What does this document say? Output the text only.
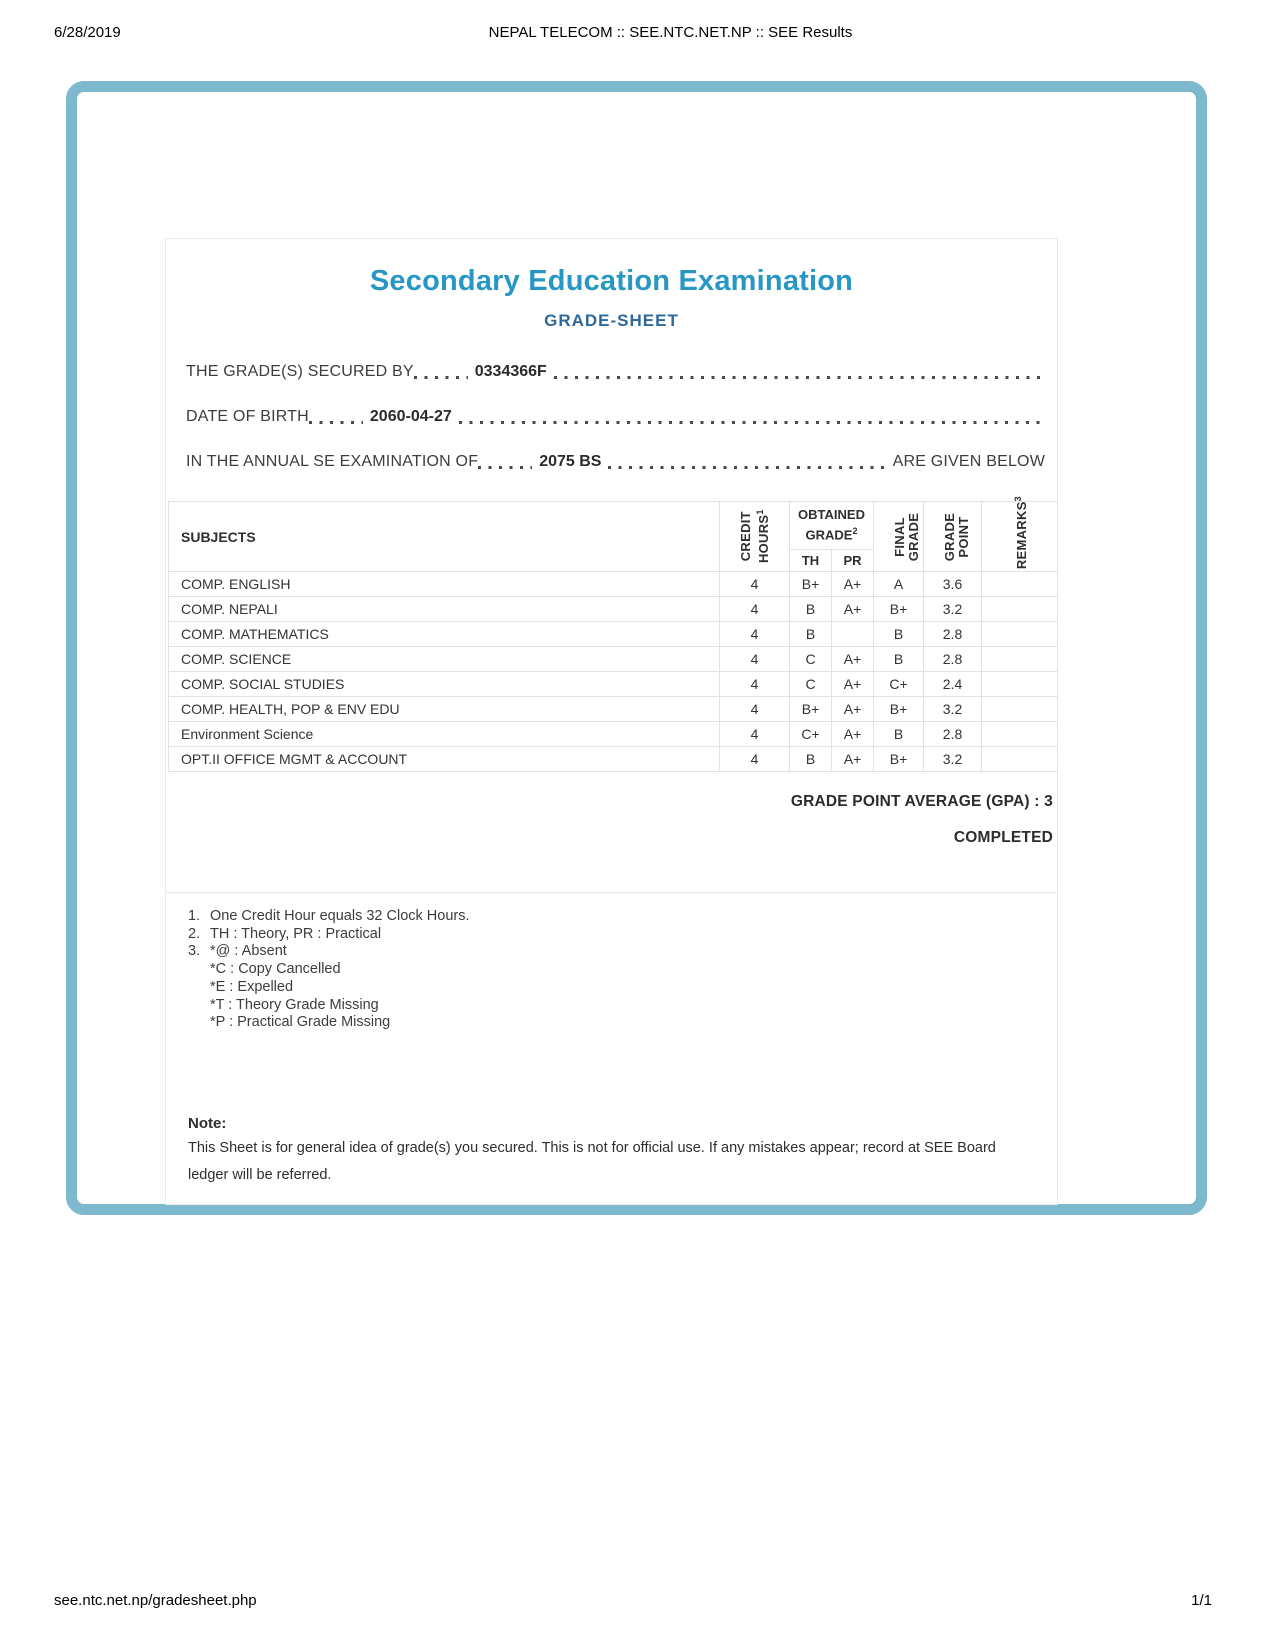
6/28/2019	NEPAL TELECOM :: SEE.NTC.NET.NP :: SEE Results
Secondary Education Examination
GRADE-SHEET
THE GRADE(S) SECURED BY	0334366F
DATE OF BIRTH	2060-04-27
IN THE ANNUAL SE EXAMINATION OF	2075 BS	ARE GIVEN BELOW
SUBJECTS	CREDIT HOURS$^1$	OBTAINED GRADE$^2$		FINAL GRADE	GRADE POINT	REMARKS$^3$

		TH	PR			
COMP. ENGLISH	4	B+	A+	A	3.6	
COMP. NEPALI	4	B	A+	B+	3.2	
COMP. MATHEMATICS	4	B		B	2.8	
COMP. SCIENCE	4	C	A+	B	2.8	
COMP. SOCIAL STUDIES	4	C	A+	C+	2.4	
COMP. HEALTH, POP & ENV EDU	4	B+	A+	B+	3.2	
Environment Science	4	C+	A+	B	2.8	
OPT.II OFFICE MGMT & ACCOUNT	4	B	A+	B+	3.2	
GRADE POINT AVERAGE (GPA) : 3
COMPLETED
1. One Credit Hour equals 32 Clock Hours.
2. TH : Theory, PR : Practical
3. *@ : Absent
*C : Copy Cancelled
*E : Expelled
*T : Theory Grade Missing
*P : Practical Grade Missing
Note:
This Sheet is for general idea of grade(s) you secured. This is not for official use. If any mistakes appear; record at SEE Board ledger will be referred.
see.ntc.net.np/gradesheet.php	1/1
